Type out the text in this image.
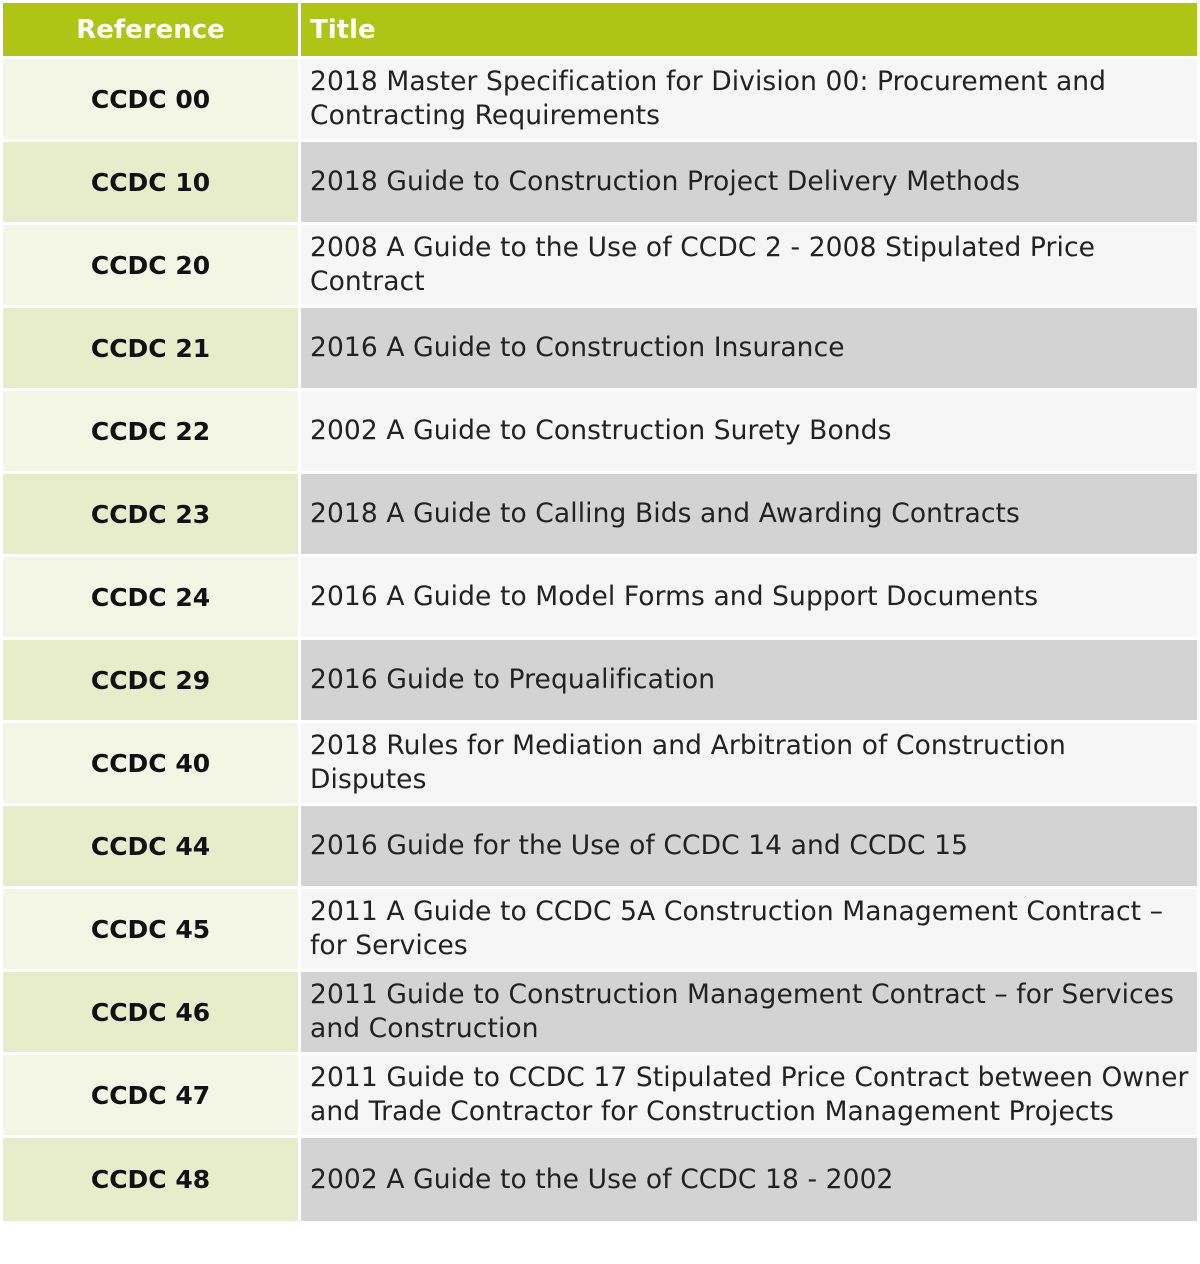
Reference	Title
CCDC 00	2018 Master Specification for Division 00: Procurement and Contracting Requirements
CCDC 10	2018 Guide to Construction Project Delivery Methods
CCDC 20	2008 A Guide to the Use of CCDC 2 - 2008 Stipulated Price Contract
CCDC 21	2016 A Guide to Construction Insurance
CCDC 22	2002 A Guide to Construction Surety Bonds
CCDC 23	2018 A Guide to Calling Bids and Awarding Contracts
CCDC 24	2016 A Guide to Model Forms and Support Documents
CCDC 29	2016 Guide to Prequalification
CCDC 40	2018 Rules for Mediation and Arbitration of Construction Disputes
CCDC 44	2016 Guide for the Use of CCDC 14 and CCDC 15
CCDC 45	2011 A Guide to CCDC 5A Construction Management Contract – for Services
CCDC 46	2011 Guide to Construction Management Contract – for Services and Construction
CCDC 47	2011 Guide to CCDC 17 Stipulated Price Contract between Owner and Trade Contractor for Construction Management Projects
CCDC 48	2002 A Guide to the Use of CCDC 18 - 2002
